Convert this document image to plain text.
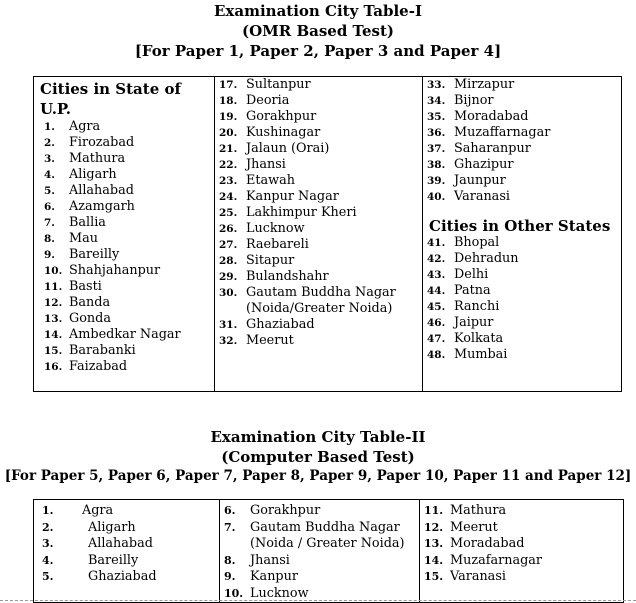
Examination City Table-I
(OMR Based Test)
[For Paper 1, Paper 2, Paper 3 and Paper 4]
Cities in State of U.P.
1.	Agra
2.	Firozabad
3.	Mathura
4.	Aligarh
5.	Allahabad
6.	Azamgarh
7.	Ballia
8.	Mau
9.	Bareilly
10. Shahjahanpur
11. Basti
12. Banda
13. Gonda
14. Ambedkar Nagar
15. Barabanki
16. Faizabad

17. Sultanpur
18. Deoria
19. Gorakhpur
20. Kushinagar
21. Jalaun (Orai)
22. Jhansi
23. Etawah
24. Kanpur Nagar
25. Lakhimpur Kheri
26. Lucknow
27. Raebareli
28. Sitapur
29. Bulandshahr
30. Gautam Buddha Nagar
(Noida/Greater Noida)
31. Ghaziabad
32. Meerut

33. Mirzapur
34. Bijnor
35. Moradabad
36. Muzaffarnagar
37. Saharanpur
38. Ghazipur
39. Jaunpur
40. Varanasi
Cities in Other States
41. Bhopal
42. Dehradun
43. Delhi
44. Patna
45. Ranchi
46. Jaipur
47. Kolkata
48. Mumbai
Examination City Table-II
(Computer Based Test)
[For Paper 5, Paper 6, Paper 7, Paper 8, Paper 9, Paper 10, Paper 11 and Paper 12]
1.	Agra
2.	Aligarh
3.	Allahabad
4.	Bareilly
5.	Ghaziabad

6.	Gorakhpur
7.	Gautam Buddha Nagar
(Noida / Greater Noida)
8.	Jhansi
9.	Kanpur
10. Lucknow

11. Mathura
12. Meerut
13. Moradabad
14. Muzafarnagar
15. Varanasi
